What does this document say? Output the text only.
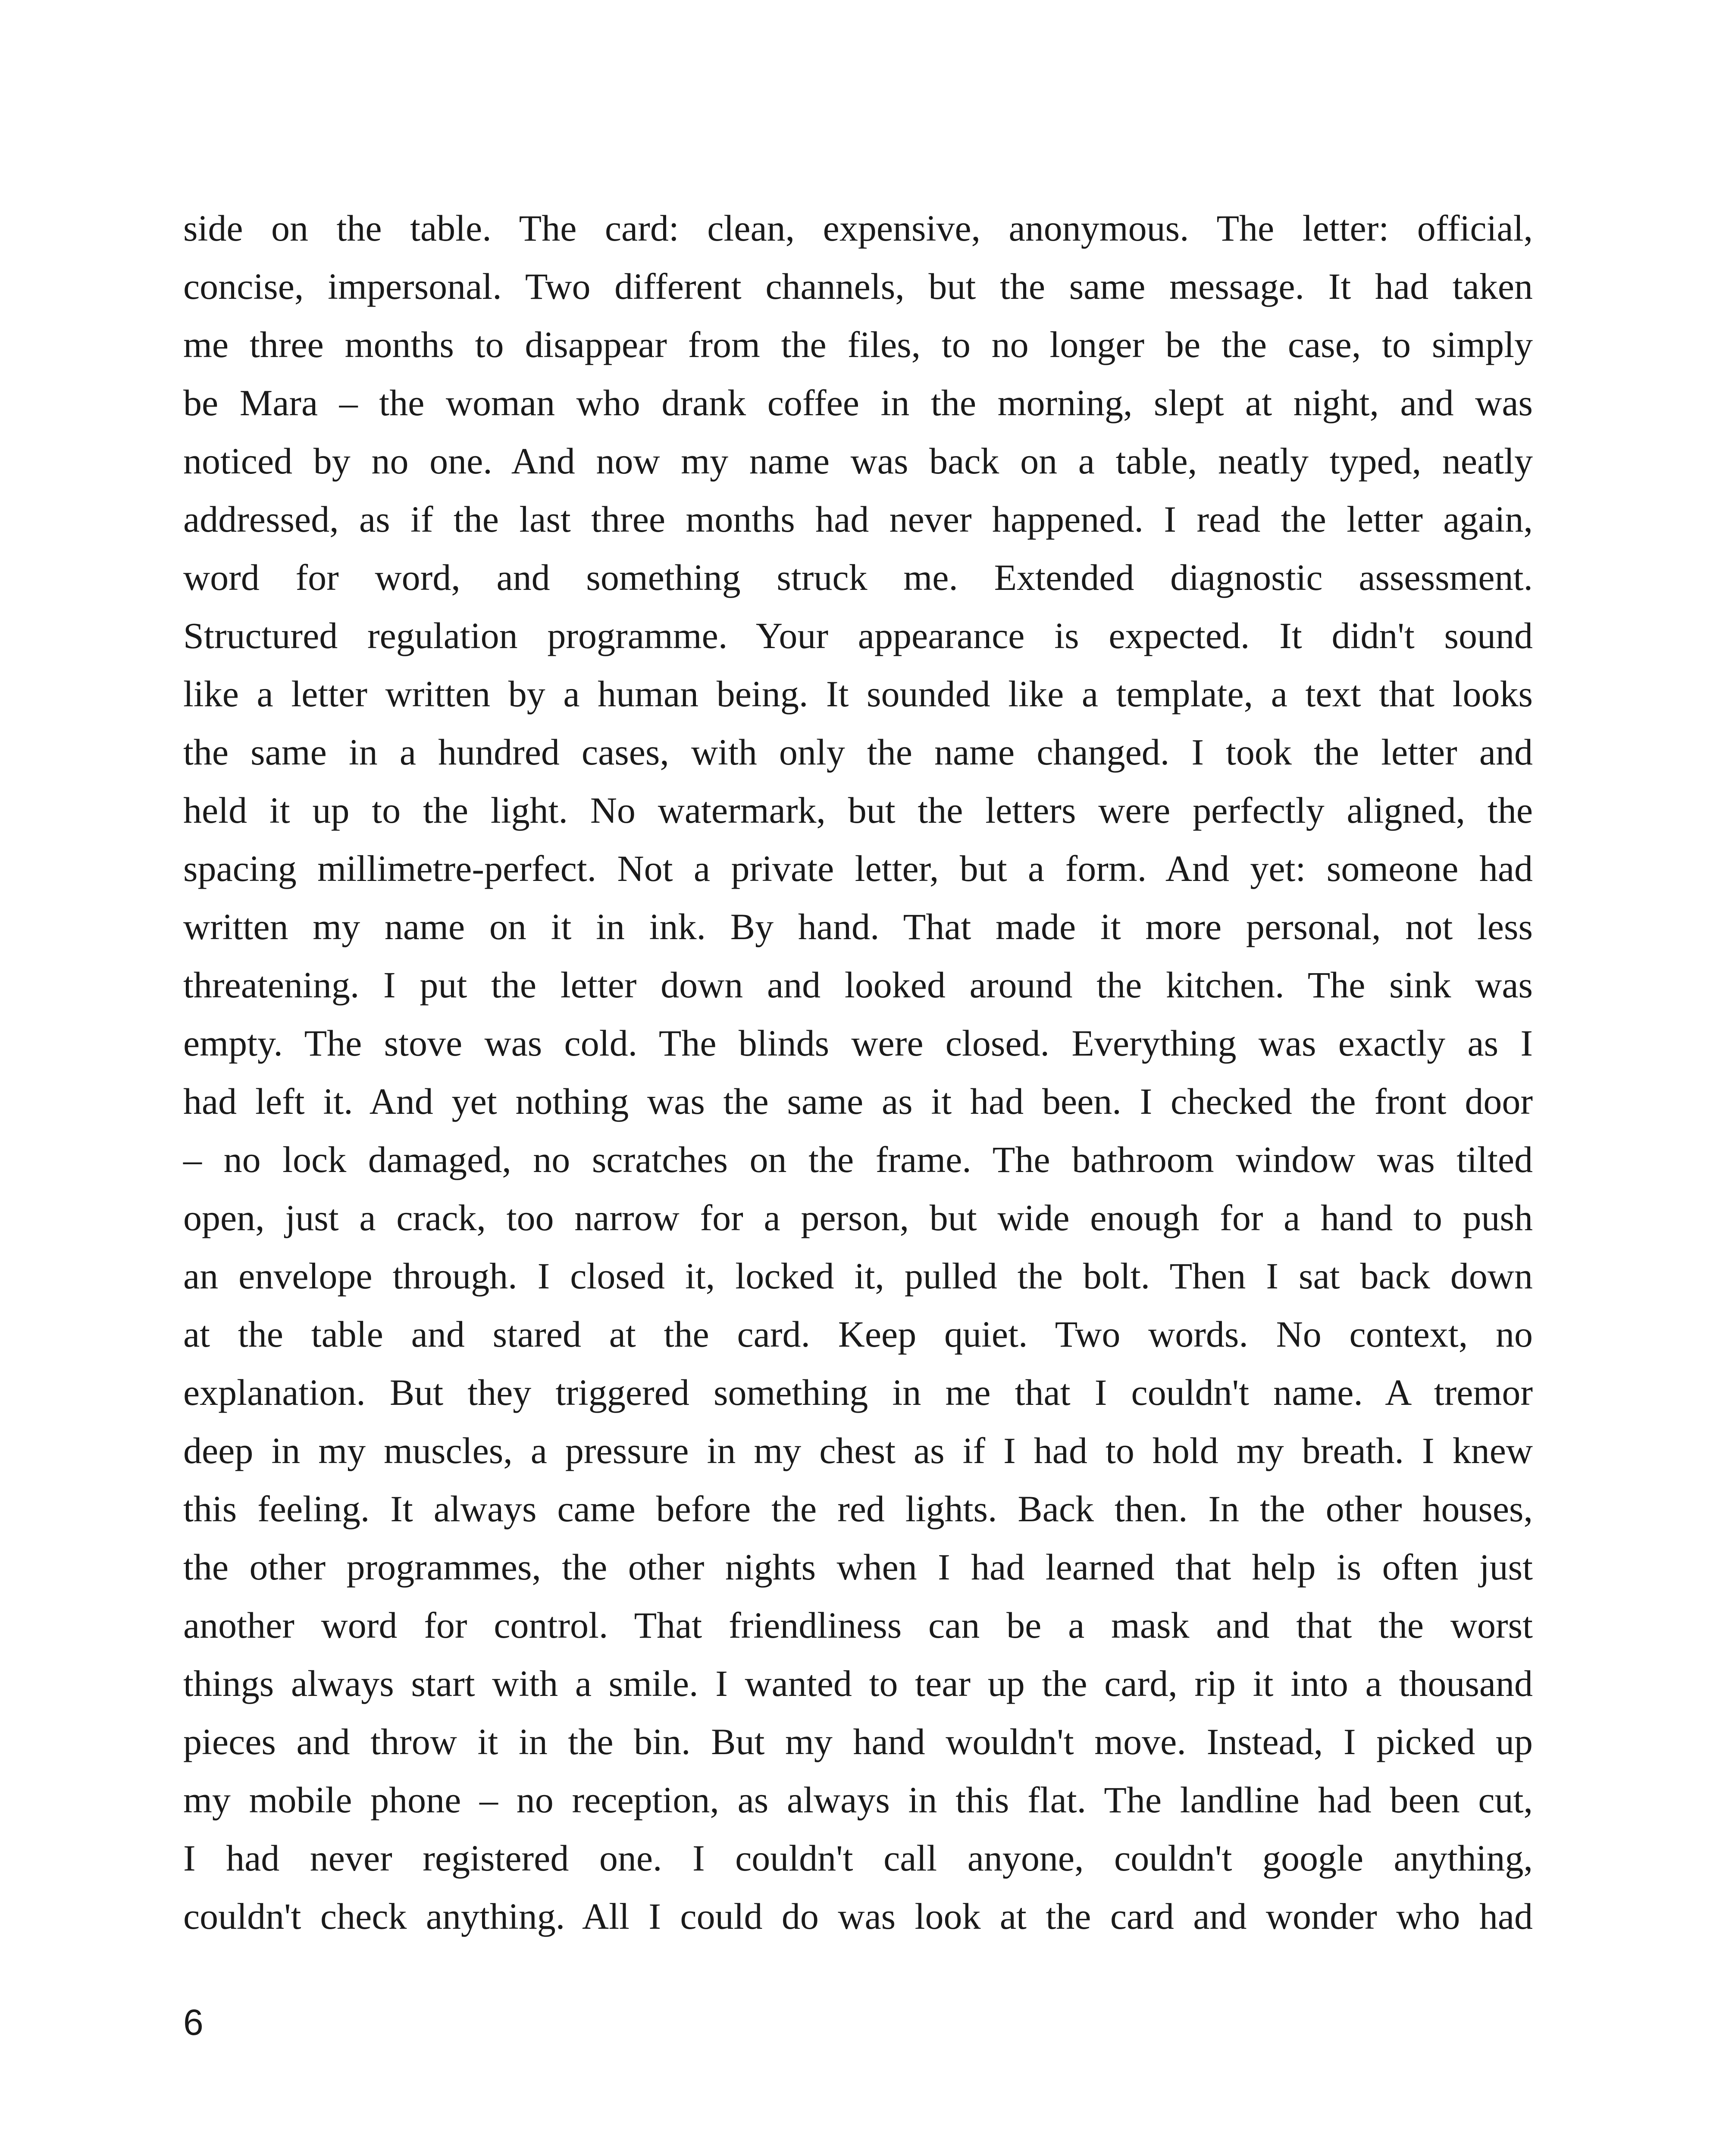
side on the table. The card: clean, expensive, anonymous. The letter: official,
concise, impersonal. Two different channels, but the same message. It had taken
me three months to disappear from the files, to no longer be the case, to simply
be Mara – the woman who drank coffee in the morning, slept at night, and was
noticed by no one. And now my name was back on a table, neatly typed, neatly
addressed, as if the last three months had never happened. I read the letter again,
word for word, and something struck me. Extended diagnostic assessment.
Structured regulation programme. Your appearance is expected. It didn't sound
like a letter written by a human being. It sounded like a template, a text that looks
the same in a hundred cases, with only the name changed. I took the letter and
held it up to the light. No watermark, but the letters were perfectly aligned, the
spacing millimetre-perfect. Not a private letter, but a form. And yet: someone had
written my name on it in ink. By hand. That made it more personal, not less
threatening. I put the letter down and looked around the kitchen. The sink was
empty. The stove was cold. The blinds were closed. Everything was exactly as I
had left it. And yet nothing was the same as it had been. I checked the front door
– no lock damaged, no scratches on the frame. The bathroom window was tilted
open, just a crack, too narrow for a person, but wide enough for a hand to push
an envelope through. I closed it, locked it, pulled the bolt. Then I sat back down
at the table and stared at the card. Keep quiet. Two words. No context, no
explanation. But they triggered something in me that I couldn't name. A tremor
deep in my muscles, a pressure in my chest as if I had to hold my breath. I knew
this feeling. It always came before the red lights. Back then. In the other houses,
the other programmes, the other nights when I had learned that help is often just
another word for control. That friendliness can be a mask and that the worst
things always start with a smile. I wanted to tear up the card, rip it into a thousand
pieces and throw it in the bin. But my hand wouldn't move. Instead, I picked up
my mobile phone – no reception, as always in this flat. The landline had been cut,
I had never registered one. I couldn't call anyone, couldn't google anything,
couldn't check anything. All I could do was look at the card and wonder who had
6
